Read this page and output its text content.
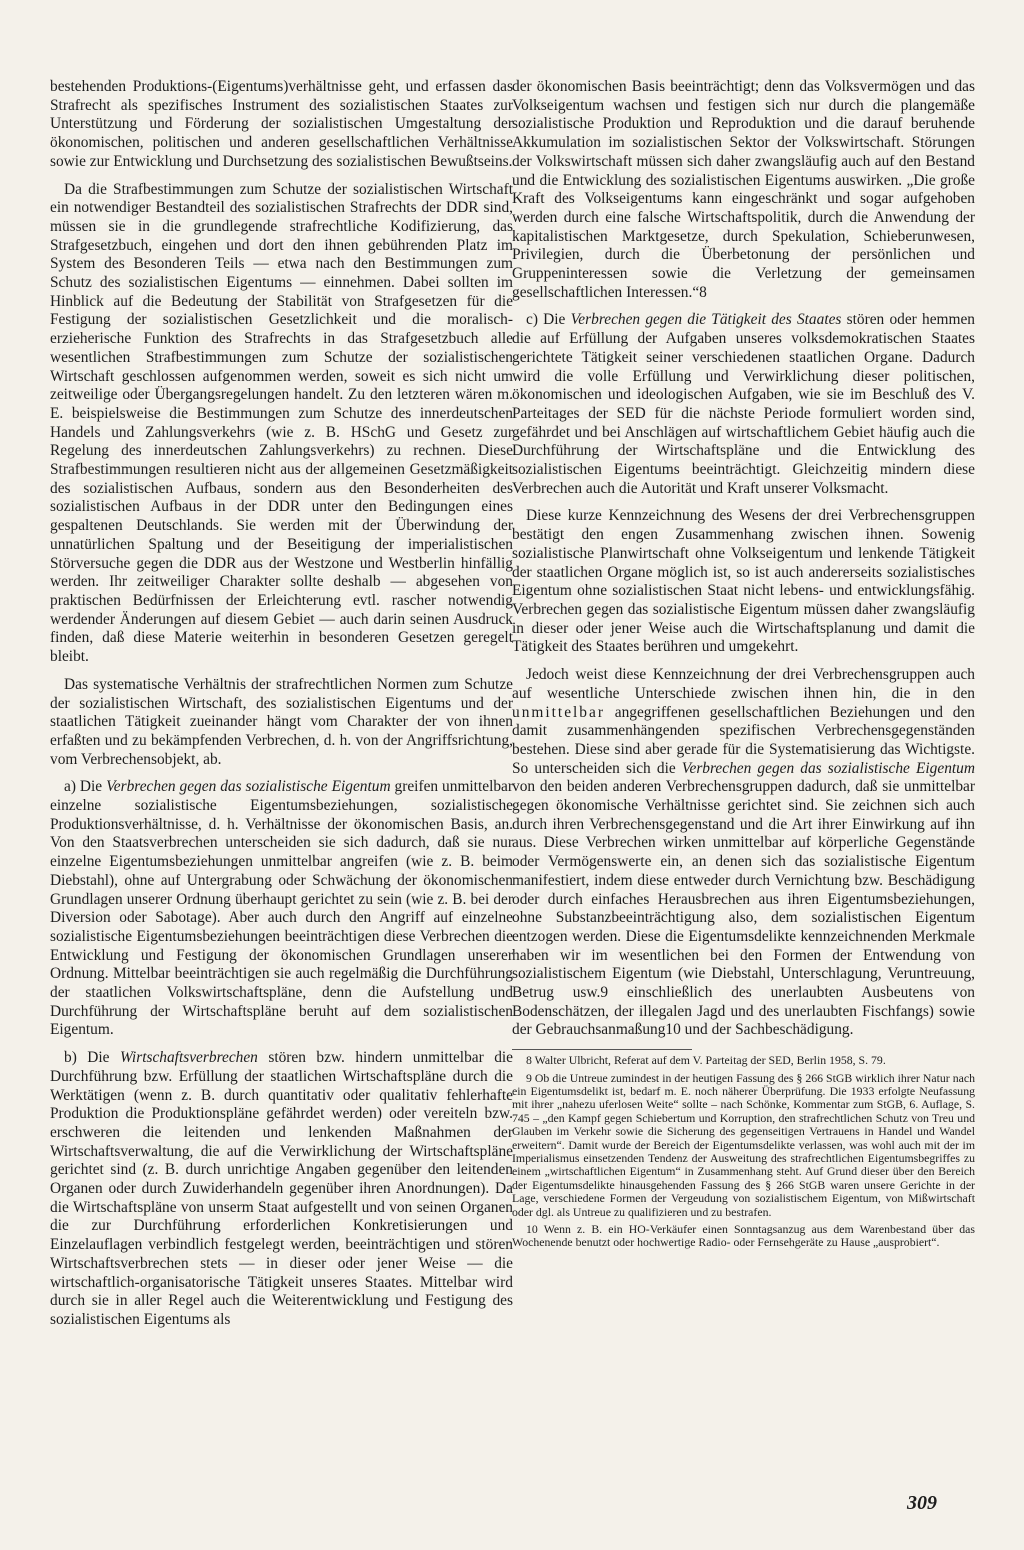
bestehenden Produktions-(Eigentums)verhältnisse geht, und erfassen das Strafrecht als spezifisches Instrument des sozialistischen Staates zur Unterstützung und Förderung der sozialistischen Umgestaltung der ökonomischen, politischen und anderen gesellschaftlichen Verhältnisse sowie zur Entwicklung und Durchsetzung des sozialistischen Bewußtseins.

Da die Strafbestimmungen zum Schutze der sozialistischen Wirtschaft ein notwendiger Bestandteil des sozialistischen Strafrechts der DDR sind, müssen sie in die grundlegende strafrechtliche Kodifizierung, das Strafgesetzbuch, eingehen und dort den ihnen gebührenden Platz im System des Besonderen Teils — etwa nach den Bestimmungen zum Schutz des sozialistischen Eigentums — einnehmen. Dabei sollten im Hinblick auf die Bedeutung der Stabilität von Strafgesetzen für die Festigung der sozialistischen Gesetzlichkeit und die moralisch-erzieherische Funktion des Strafrechts in das Strafgesetzbuch alle wesentlichen Strafbestimmungen zum Schutze der sozialistischen Wirtschaft geschlossen aufgenommen werden, soweit es sich nicht um zeitweilige oder Übergangsregelungen handelt. Zu den letzteren wären m. E. beispielsweise die Bestimmungen zum Schutze des innerdeutschen Handels und Zahlungsverkehrs (wie z. B. HSchG und Gesetz zur Regelung des innerdeutschen Zahlungsverkehrs) zu rechnen. Diese Strafbestimmungen resultieren nicht aus der allgemeinen Gesetzmäßigkeit des sozialistischen Aufbaus, sondern aus den Besonderheiten des sozialistischen Aufbaus in der DDR unter den Bedingungen eines gespaltenen Deutschlands. Sie werden mit der Überwindung der unnatürlichen Spaltung und der Beseitigung der imperialistischen Störversuche gegen die DDR aus der Westzone und Westberlin hinfällig werden. Ihr zeitweiliger Charakter sollte deshalb — abgesehen von praktischen Bedürfnissen der Erleichterung evtl. rascher notwendig werdender Änderungen auf diesem Gebiet — auch darin seinen Ausdruck finden, daß diese Materie weiterhin in besonderen Gesetzen geregelt bleibt.

Das systematische Verhältnis der strafrechtlichen Normen zum Schutze der sozialistischen Wirtschaft, des sozialistischen Eigentums und der staatlichen Tätigkeit zueinander hängt vom Charakter der von ihnen erfaßten und zu bekämpfenden Verbrechen, d. h. von der Angriffsrichtung, vom Verbrechensobjekt, ab.

a) Die Verbrechen gegen das sozialistische Eigentum greifen unmittelbar einzelne sozialistische Eigentumsbeziehungen, sozialistische Produktionsverhältnisse, d. h. Verhältnisse der ökonomischen Basis, an. Von den Staatsverbrechen unterscheiden sie sich dadurch, daß sie nur einzelne Eigentumsbeziehungen unmittelbar angreifen (wie z. B. beim Diebstahl), ohne auf Untergrabung oder Schwächung der ökonomischen Grundlagen unserer Ordnung überhaupt gerichtet zu sein (wie z. B. bei der Diversion oder Sabotage). Aber auch durch den Angriff auf einzelne sozialistische Eigentumsbeziehungen beeinträchtigen diese Verbrechen die Entwicklung und Festigung der ökonomischen Grundlagen unserer Ordnung. Mittelbar beeinträchtigen sie auch regelmäßig die Durchführung der staatlichen Volkswirtschaftspläne, denn die Aufstellung und Durchführung der Wirtschaftspläne beruht auf dem sozialistischen Eigentum.

b) Die Wirtschaftsverbrechen stören bzw. hindern unmittelbar die Durchführung bzw. Erfüllung der staatlichen Wirtschaftspläne durch die Werktätigen (wenn z. B. durch quantitativ oder qualitativ fehlerhafte Produktion die Produktionspläne gefährdet werden) oder vereiteln bzw. erschweren die leitenden und lenkenden Maßnahmen der Wirtschaftsverwaltung, die auf die Verwirklichung der Wirtschaftspläne gerichtet sind (z. B. durch unrichtige Angaben gegenüber den leitenden Organen oder durch Zuwiderhandeln gegenüber ihren Anordnungen). Da die Wirtschaftspläne von unserm Staat aufgestellt und von seinen Organen die zur Durchführung erforderlichen Konkretisierungen und Einzelauflagen verbindlich festgelegt werden, beeinträchtigen und stören Wirtschaftsverbrechen stets — in dieser oder jener Weise — die wirtschaftlich-organisatorische Tätigkeit unseres Staates. Mittelbar wird durch sie in aller Regel auch die Weiterentwicklung und Festigung des sozialistischen Eigentums als

der ökonomischen Basis beeinträchtigt; denn das Volksvermögen und das Volkseigentum wachsen und festigen sich nur durch die plangemäße sozialistische Produktion und Reproduktion und die darauf beruhende Akkumulation im sozialistischen Sektor der Volkswirtschaft. Störungen der Volkswirtschaft müssen sich daher zwangsläufig auch auf den Bestand und die Entwicklung des sozialistischen Eigentums auswirken. „Die große Kraft des Volkseigentums kann eingeschränkt und sogar aufgehoben werden durch eine falsche Wirtschaftspolitik, durch die Anwendung der kapitalistischen Marktgesetze, durch Spekulation, Schieberunwesen, Privilegien, durch die Überbetonung der persönlichen und Gruppeninteressen sowie die Verletzung der gemeinsamen gesellschaftlichen Interessen.“8

c) Die Verbrechen gegen die Tätigkeit des Staates stören oder hemmen die auf Erfüllung der Aufgaben unseres volksdemokratischen Staates gerichtete Tätigkeit seiner verschiedenen staatlichen Organe. Dadurch wird die volle Erfüllung und Verwirklichung dieser politischen, ökonomischen und ideologischen Aufgaben, wie sie im Beschluß des V. Parteitages der SED für die nächste Periode formuliert worden sind, gefährdet und bei Anschlägen auf wirtschaftlichem Gebiet häufig auch die Durchführung der Wirtschaftspläne und die Entwicklung des sozialistischen Eigentums beeinträchtigt. Gleichzeitig mindern diese Verbrechen auch die Autorität und Kraft unserer Volksmacht.

Diese kurze Kennzeichnung des Wesens der drei Verbrechensgruppen bestätigt den engen Zusammenhang zwischen ihnen. Sowenig sozialistische Planwirtschaft ohne Volkseigentum und lenkende Tätigkeit der staatlichen Organe möglich ist, so ist auch andererseits sozialistisches Eigentum ohne sozialistischen Staat nicht lebens- und entwicklungsfähig. Verbrechen gegen das sozialistische Eigentum müssen daher zwangsläufig in dieser oder jener Weise auch die Wirtschaftsplanung und damit die Tätigkeit des Staates berühren und umgekehrt.

Jedoch weist diese Kennzeichnung der drei Verbrechensgruppen auch auf wesentliche Unterschiede zwischen ihnen hin, die in den unmittelbar angegriffenen gesellschaftlichen Beziehungen und den damit zusammenhängenden spezifischen Verbrechensgegenständen bestehen. Diese sind aber gerade für die Systematisierung das Wichtigste. So unterscheiden sich die Verbrechen gegen das sozialistische Eigentum von den beiden anderen Verbrechensgruppen dadurch, daß sie unmittelbar gegen ökonomische Verhältnisse gerichtet sind. Sie zeichnen sich auch durch ihren Verbrechensgegenstand und die Art ihrer Einwirkung auf ihn aus. Diese Verbrechen wirken unmittelbar auf körperliche Gegenstände oder Vermögenswerte ein, an denen sich das sozialistische Eigentum manifestiert, indem diese entweder durch Vernichtung bzw. Beschädigung oder durch einfaches Herausbrechen aus ihren Eigentumsbeziehungen, ohne Substanzbeeinträchtigung also, dem sozialistischen Eigentum entzogen werden. Diese die Eigentumsdelikte kennzeichnenden Merkmale haben wir im wesentlichen bei den Formen der Entwendung von sozialistischem Eigentum (wie Diebstahl, Unterschlagung, Veruntreuung, Betrug usw.9 einschließlich des unerlaubten Ausbeutens von Bodenschätzen, der illegalen Jagd und des unerlaubten Fischfangs) sowie der Gebrauchsanmaßung10 und der Sachbeschädigung.

8 Walter Ulbricht, Referat auf dem V. Parteitag der SED, Berlin 1958, S. 79.

9 Ob die Untreue zumindest in der heutigen Fassung des § 266 StGB wirklich ihrer Natur nach ein Eigentumsdelikt ist, bedarf m. E. noch näherer Überprüfung. Die 1933 erfolgte Neufassung mit ihrer „nahezu uferlosen Weite“ sollte – nach Schönke, Kommentar zum StGB, 6. Auflage, S. 745 – „den Kampf gegen Schiebertum und Korruption, den strafrechtlichen Schutz von Treu und Glauben im Verkehr sowie die Sicherung des gegenseitigen Vertrauens in Handel und Wandel erweitern“. Damit wurde der Bereich der Eigentumsdelikte verlassen, was wohl auch mit der im Imperialismus einsetzenden Tendenz der Ausweitung des strafrechtlichen Eigentumsbegriffes zu einem „wirtschaftlichen Eigentum“ in Zusammenhang steht. Auf Grund dieser über den Bereich der Eigentumsdelikte hinausgehenden Fassung des § 266 StGB waren unsere Gerichte in der Lage, verschiedene Formen der Vergeudung von sozialistischem Eigentum, von Mißwirtschaft oder dgl. als Untreue zu qualifizieren und zu bestrafen.

10 Wenn z. B. ein HO-Verkäufer einen Sonntagsanzug aus dem Warenbestand über das Wochenende benutzt oder hochwertige Radio- oder Fernsehgeräte zu Hause „ausprobiert“.

309
